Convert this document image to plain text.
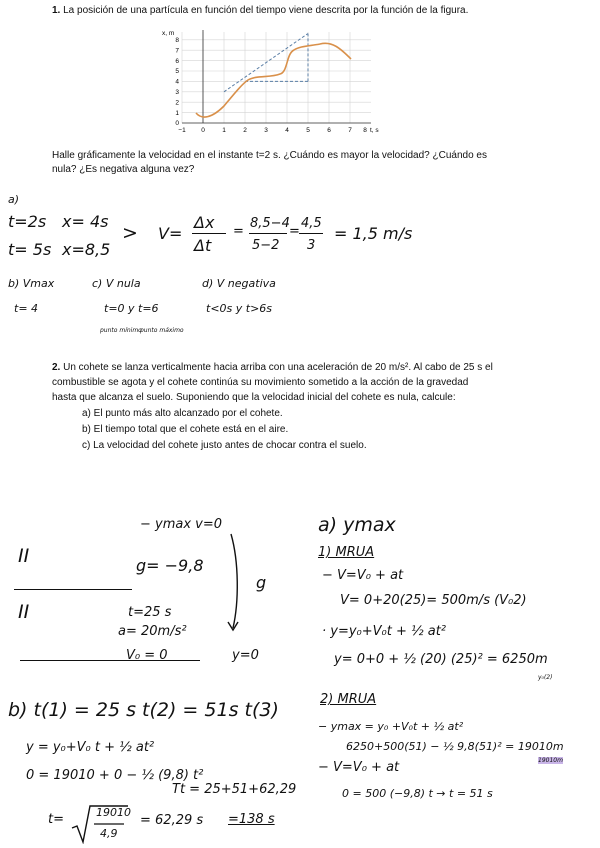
1. La posición de una partícula en función del tiempo viene descrita por la función de la figura.
x, m
t, s
−1 0	1	2	3	4	5	6	7 8
0
1
2
3
4
5
6
7
8
Halle gráficamente la velocidad en el instante t=2 s. ¿Cuándo es mayor la velocidad? ¿Cuándo es
nula? ¿Es negativa alguna vez?
a)
t=2s x= 4s
t= 5s x=8,5
> V=
Δx
Δt
=
8,5−4
5−2
=
4,5
3
= 1,5 m/s
b) Vmax
t= 4
c) V nula
t=0 y t=6
punto mínimo
punto máximo
d) V negativa
t<0s y t>6s
2. Un cohete se lanza verticalmente hacia arriba con una aceleración de 20 m/s². Al cabo de 25 s el
combustible se agota y el cohete continúa su movimiento sometido a la acción de la gravedad
hasta que alcanza el suelo. Suponiendo que la velocidad inicial del cohete es nula, calcule:
a) El punto más alto alcanzado por el cohete.
b) El tiempo total que el cohete está en el aire.
c) La velocidad del cohete justo antes de chocar contra el suelo.
− ymax v=0
II	g= −9,8
g
II	t=25 s
a= 20m/s²
V₀ = 0	y=0
a) ymax
1) MRUA
− V=V₀ + at
V= 0+20(25)= 500m/s (V₀2)
· y=y₀+V₀t + ½ at²
y= 0+0 + ½ (20) (25)² = 6250m
y₀(2)
2) MRUA
− ymax = y₀ +V₀t + ½ at²
6250+500(51) − ½ 9,8(51)² = 19010m
19010m
− V=V₀ + at
0 = 500 (−9,8) t → t = 51 s
b) t(1) = 25 s t(2) = 51s t(3)
y = y₀+V₀ t + ½ at²
0 = 19010 + 0 − ½ (9,8) t²
Tt = 25+51+62,29
t=	19010
4,9
= 62,29 s =138 s
